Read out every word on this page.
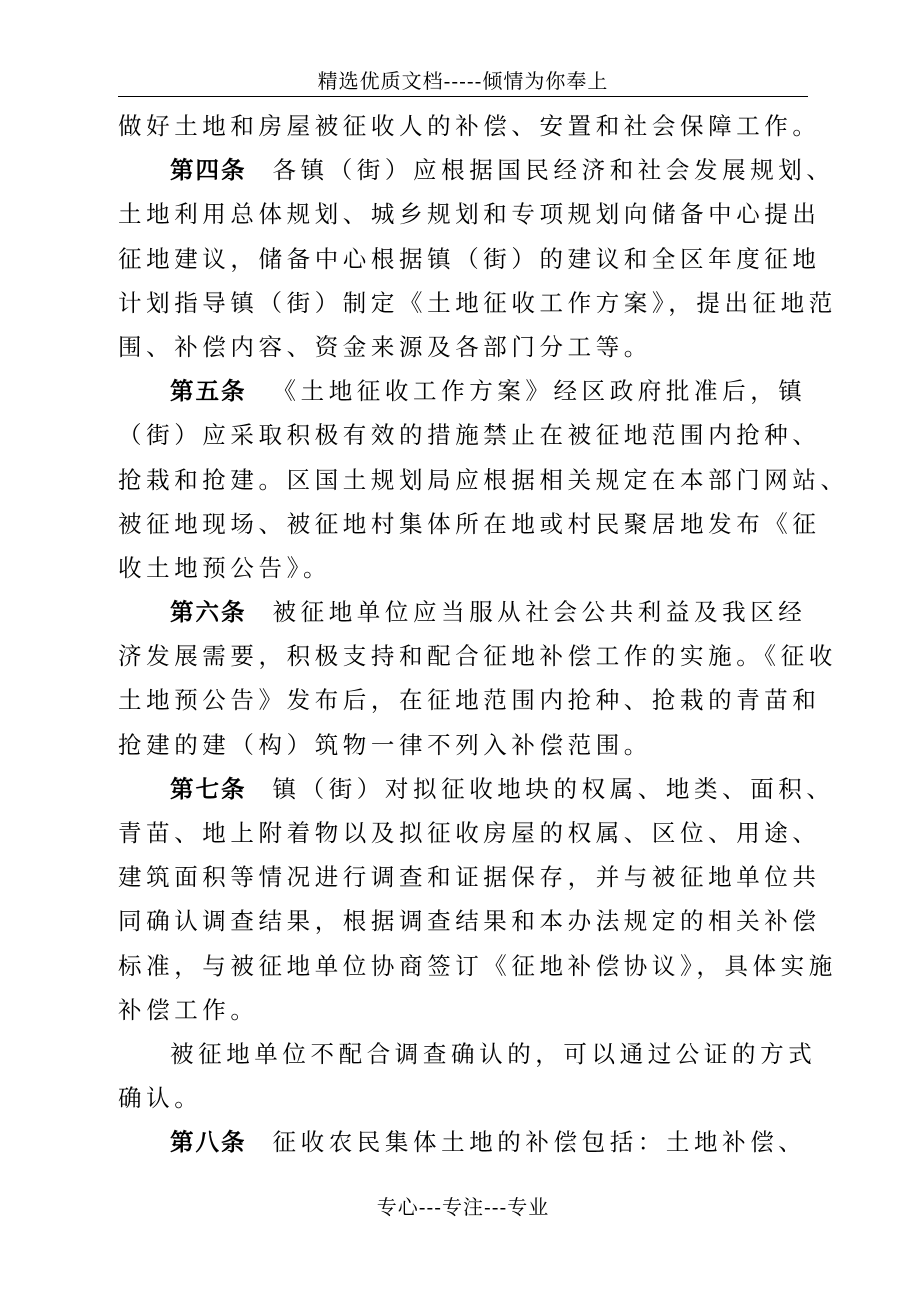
精选优质文档-----倾情为你奉上
做好土地和房屋被征收人的补偿、安置和社会保障工作。
第四条 各镇（街）应根据国民经济和社会发展规划、
土地利用总体规划、城乡规划和专项规划向储备中心提出
征地建议，储备中心根据镇（街）的建议和全区年度征地
计划指导镇（街）制定《土地征收工作方案》，提出征地范
围、补偿内容、资金来源及各部门分工等。
第五条 《土地征收工作方案》经区政府批准后，镇
（街）应采取积极有效的措施禁止在被征地范围内抢种、
抢栽和抢建。区国土规划局应根据相关规定在本部门网站、
被征地现场、被征地村集体所在地或村民聚居地发布《征
收土地预公告》。
第六条 被征地单位应当服从社会公共利益及我区经
济发展需要，积极支持和配合征地补偿工作的实施。《征收
土地预公告》发布后，在征地范围内抢种、抢栽的青苗和
抢建的建（构）筑物一律不列入补偿范围。
第七条 镇（街）对拟征收地块的权属、地类、面积、
青苗、地上附着物以及拟征收房屋的权属、区位、用途、
建筑面积等情况进行调查和证据保存，并与被征地单位共
同确认调查结果，根据调查结果和本办法规定的相关补偿
标准，与被征地单位协商签订《征地补偿协议》，具体实施
补偿工作。
被征地单位不配合调查确认的，可以通过公证的方式
确认。
第八条 征收农民集体土地的补偿包括：土地补偿、
专心---专注---专业
